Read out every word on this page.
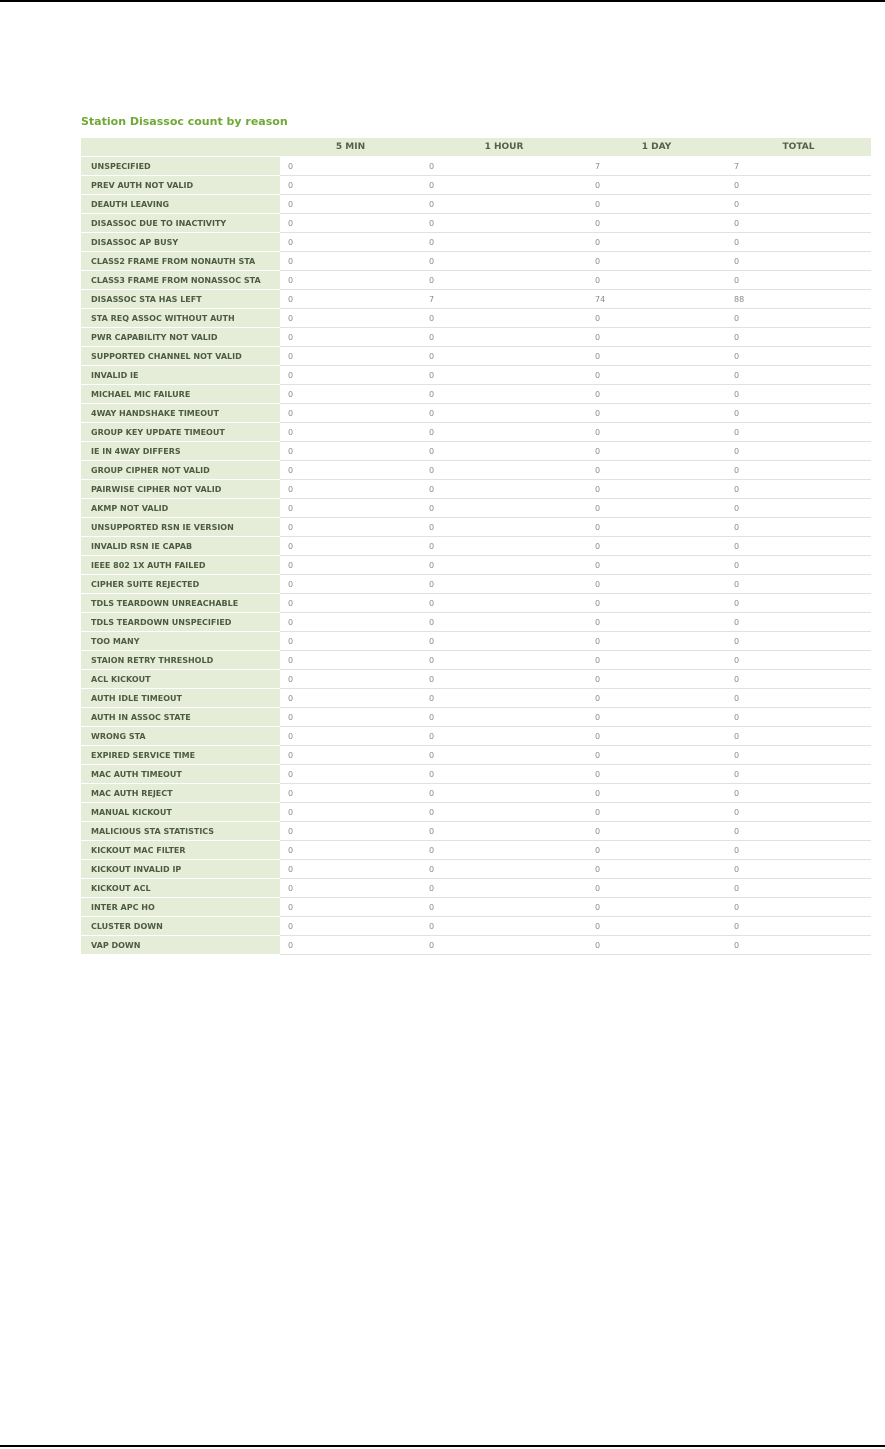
Station Disassoc count by reason
	5 MIN	1 HOUR	1 DAY	TOTAL
UNSPECIFIED	0	0	7	7
PREV AUTH NOT VALID	0	0	0	0
DEAUTH LEAVING	0	0	0	0
DISASSOC DUE TO INACTIVITY	0	0	0	0
DISASSOC AP BUSY	0	0	0	0
CLASS2 FRAME FROM NONAUTH STA	0	0	0	0
CLASS3 FRAME FROM NONASSOC STA	0	0	0	0
DISASSOC STA HAS LEFT	0	7	74	88
STA REQ ASSOC WITHOUT AUTH	0	0	0	0
PWR CAPABILITY NOT VALID	0	0	0	0
SUPPORTED CHANNEL NOT VALID	0	0	0	0
INVALID IE	0	0	0	0
MICHAEL MIC FAILURE	0	0	0	0
4WAY HANDSHAKE TIMEOUT	0	0	0	0
GROUP KEY UPDATE TIMEOUT	0	0	0	0
IE IN 4WAY DIFFERS	0	0	0	0
GROUP CIPHER NOT VALID	0	0	0	0
PAIRWISE CIPHER NOT VALID	0	0	0	0
AKMP NOT VALID	0	0	0	0
UNSUPPORTED RSN IE VERSION	0	0	0	0
INVALID RSN IE CAPAB	0	0	0	0
IEEE 802 1X AUTH FAILED	0	0	0	0
CIPHER SUITE REJECTED	0	0	0	0
TDLS TEARDOWN UNREACHABLE	0	0	0	0
TDLS TEARDOWN UNSPECIFIED	0	0	0	0
TOO MANY	0	0	0	0
STAION RETRY THRESHOLD	0	0	0	0
ACL KICKOUT	0	0	0	0
AUTH IDLE TIMEOUT	0	0	0	0
AUTH IN ASSOC STATE	0	0	0	0
WRONG STA	0	0	0	0
EXPIRED SERVICE TIME	0	0	0	0
MAC AUTH TIMEOUT	0	0	0	0
MAC AUTH REJECT	0	0	0	0
MANUAL KICKOUT	0	0	0	0
MALICIOUS STA STATISTICS	0	0	0	0
KICKOUT MAC FILTER	0	0	0	0
KICKOUT INVALID IP	0	0	0	0
KICKOUT ACL	0	0	0	0
INTER APC HO	0	0	0	0
CLUSTER DOWN	0	0	0	0
VAP DOWN	0	0	0	0
